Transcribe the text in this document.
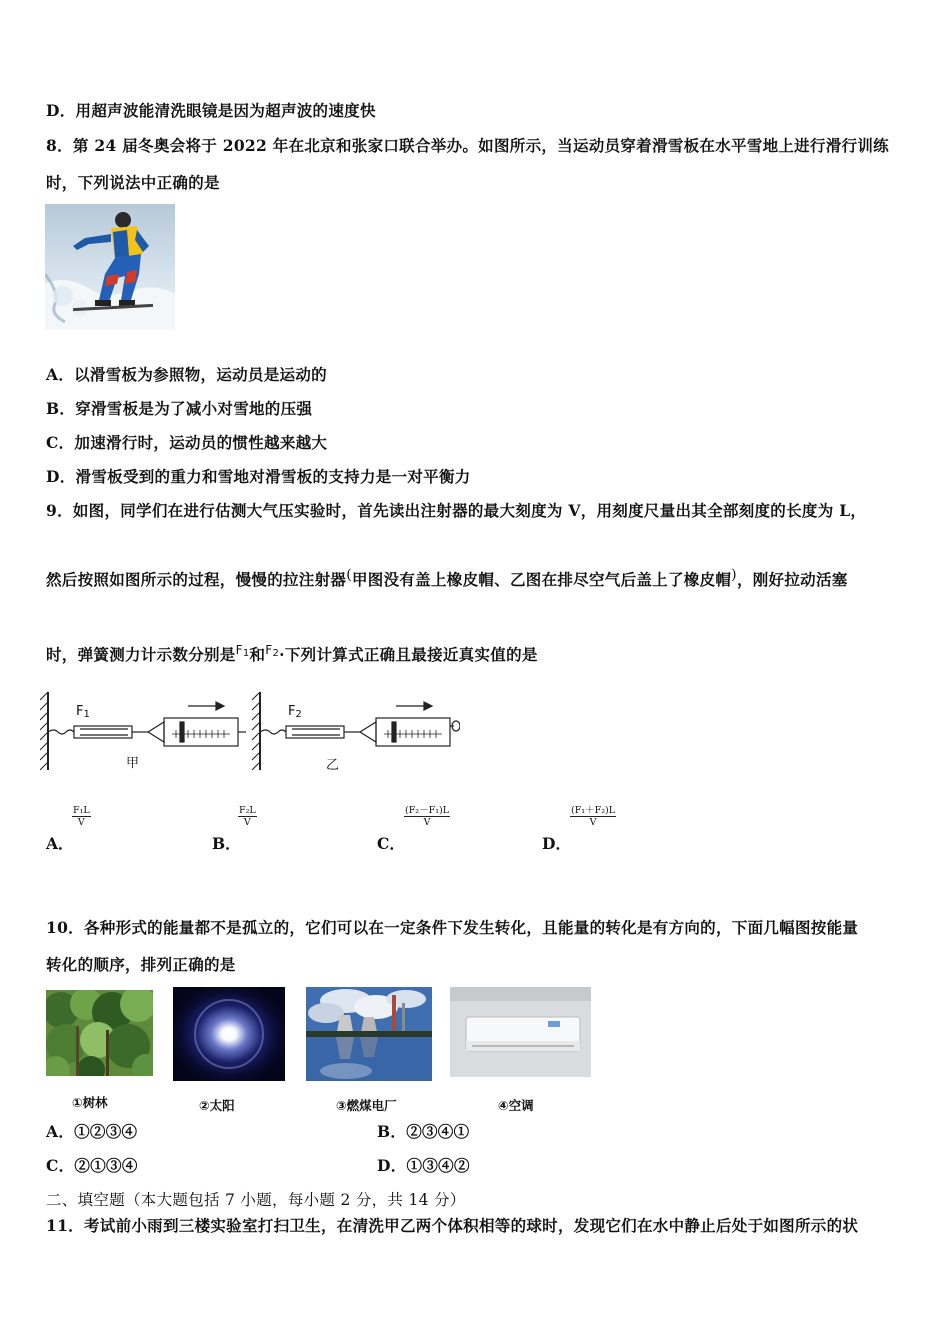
D．用超声波能清洗眼镜是因为超声波的速度快
8．第 24 届冬奥会将于 2022 年在北京和张家口联合举办。如图所示，当运动员穿着滑雪板在水平雪地上进行滑行训练
时，下列说法中正确的是
A．以滑雪板为参照物，运动员是运动的
B．穿滑雪板是为了减小对雪地的压强
C．加速滑行时，运动员的惯性越来越大
D．滑雪板受到的重力和雪地对滑雪板的支持力是一对平衡力
9．如图，同学们在进行估测大气压实验时，首先读出注射器的最大刻度为 V，用刻度尺量出其全部刻度的长度为 L，
然后按照如图所示的过程，慢慢的拉注射器(甲图没有盖上橡皮帽、乙图在排尽空气后盖上了橡皮帽)，刚好拉动活塞
时，弹簧测力计示数分别是$^{F_1}$和$^{F_2}$·下列计算式正确且最接近真实值的是
$F_1$	$F_2$
甲	乙
A．
$\frac{\text{F₁L}}{V}$
B．
$\frac{\text{F₂L}}{V}$
C．
$\frac{\text{(F₂－F₁)L}}{V}$
D．
$\frac{\text{(F₁＋F₂)L}}{V}$
10．各种形式的能量都不是孤立的，它们可以在一定条件下发生转化，且能量的转化是有方向的，下面几幅图按能量
转化的顺序，排列正确的是
①树林	②太阳	③燃煤电厂	④空调
A．①②③④	B．②③④①
C．②①③④	D．①③④②
二、填空题（本大题包括 7 小题，每小题 2 分，共 14 分）
11．考试前小雨到三楼实验室打扫卫生，在清洗甲乙两个体积相等的球时，发现它们在水中静止后处于如图所示的状
